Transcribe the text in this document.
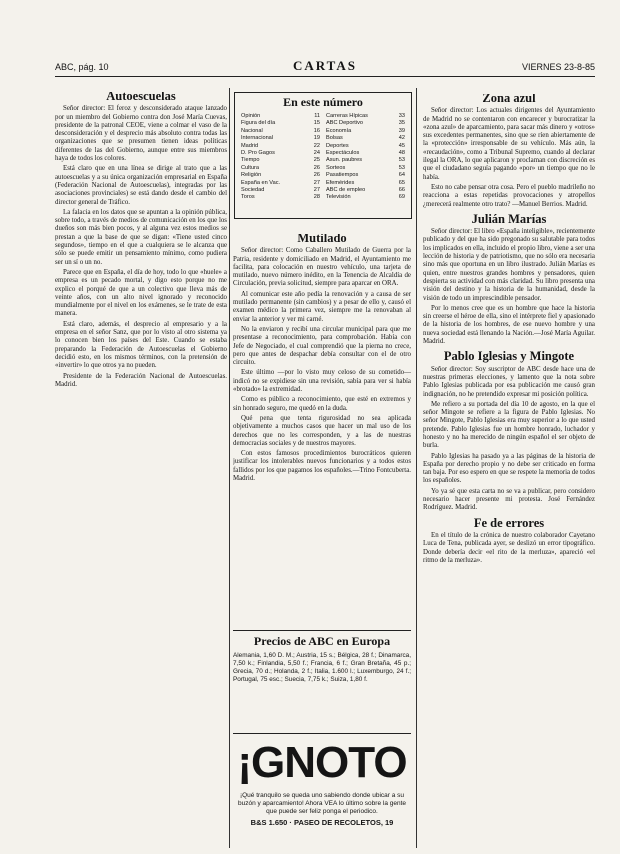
ABC, pág. 10	CARTAS	VIERNES 23-8-85
Autoescuelas

Señor director: El feroz y desconsiderado ataque lanzado por un miembro del Gobierno contra don José María Cuevas, presidente de la patronal CEOE, viene a colmar el vaso de la desconsideración y el desprecio más absoluto contra todas las organizaciones que se presumen tienen ideas políticas diferentes de las del Gobierno, aunque entre sus miembros haya de todos los colores.

Está claro que en una línea se dirige al trato que a las autoescuelas y a su única organización empresarial en España (Federación Nacional de Autoescuelas), integradas por las asociaciones provinciales) se está dando desde el cambio del director general de Tráfico.

La falacia en los datos que se apuntan a la opinión pública, sobre todo, a través de medios de comunicación en los que los dueños son más bien pocos, y al alguna vez estos medios se prestan a que la base de que se digan: «Tiene usted cinco segundos», tiempo en el que a cualquiera se le alcanza que sólo se puede emitir un pensamiento mínimo, como pudiera ser un sí o un no.

Parece que en España, el día de hoy, todo lo que «huele» a empresa es un pecado mortal, y digo esto porque no me explico el porqué de que a un colectivo que lleva más de veinte años, con un alto nivel ignorado y reconocido mundialmente por el nivel en los exámenes, se le trate de esta manera.

Está claro, además, el desprecio al empresario y a la empresa en el señor Sanz, que por lo visto al otro sistema ya lo conocen bien los países del Este. Cuando se estaba preparando la Federación de Autoescuelas el Gobierno decidió esto, en los mismos términos, con la pretensión de «invertir» lo que otros ya no pueden.

Presidente de la Federación Nacional de Autoescuelas. Madrid.

En este número
Opinión	11
Figura del día	15
Nacional	16
Internacional	19
Madrid	22
D. Pro Gagos	24
Tiempo	25
Cultura	26
Religión	26
España en Vac.	27
Sociedad	27
Toros	28
Carreras Hípicas	33
ABC Deportivo	35
Economía	39
Bolsas	42
Deportes	45
Espectáculos	48
Asun. paubres	53
Sorteos	53
Pasatiempos	64
Efemérides	65
ABC de empleo	66
Televisión	69
Mutilado

Señor director: Como Caballero Mutilado de Guerra por la Patria, residente y domiciliado en Madrid, el Ayuntamiento me facilita, para colocación en nuestro vehículo, una tarjeta de mutilado, nuevo número inédito, en la Tenencia de Alcaldía de Circulación, previa solicitud, siempre para aparcar en ORA.

Al comunicar este año pedía la renovación y a causa de ser mutilado permanente (sin cambios) y a pesar de ello y, causó el examen médico la primera vez, siempre me la renovaban al enviar la anterior y ver mi carné.

No la enviaron y recibí una circular municipal para que me presentase a reconocimiento, para comprobación. Había con Jefe de Negociado, el cual comprendió que la pierna no crece, pero que antes de despachar debía consultar con el de otro circuito.

Este último —por lo visto muy celoso de su cometido— indicó no se expidiese sin una revisión, sabía para ver si había «brotado» la extremidad.

Como es público a reconocimiento, que esté en extremos y sin honrado seguro, me quedó en la duda.

Qué pena que tenta rigurosidad no sea aplicada objetivamente a muchos casos que hacer un mal uso de los derechos que no les corresponden, y a las de nuestras democracias sociales y de nuestros mayores.

Con estos famosos procedimientos burocráticos quieren justificar los intolerables nuevos funcionarios y a todos estos fallidos por los que pagamos los españoles.—Trino Fontcuberta. Madrid.

Precios de ABC en Europa
Alemania, 1,60 D. M.; Austria, 15 s.; Bélgica, 28 f.; Dinamarca, 7,50 k.; Finlandia, 5,50 f.; Francia, 6 f.; Gran Bretaña, 45 p.; Grecia, 70 d.; Holanda, 2 f.; Italia, 1.600 l.; Luxemburgo, 24 f.; Portugal, 75 esc.; Suecia, 7,75 k.; Suiza, 1,80 f.
¡GNOTO
¡Qué tranquilo se queda uno sabiendo donde ubicar a su buzón y aparcamiento! Ahora VEA lo último sobre la gente que puede ser feliz ponga el periodico.
B&S 1.650 · PASEO DE RECOLETOS, 19
Zona azul

Señor director: Los actuales dirigentes del Ayuntamiento de Madrid no se contentaron con encarecer y burocratizar la «zona azul» de aparcamiento, para sacar más dinero y «otros» sus excedentes permanentes, sino que se ríen abiertamente de la «protección» irresponsable de su vehículo. Más aún, la «recaudación», como a Tribunal Supremo, cuando al declarar ilegal la ORA, lo que aplicaron y proclaman con discreción es que el ciudadano seguía pagando «por» un tiempo que no le había.

Esto no cabe pensar otra cosa. Pero el pueblo madrileño no reacciona a estas repetidas provocaciones y atropellos ¿merecerá realmente otro trato? —Manuel Berrios. Madrid.

Julián Marías

Señor director: El libro «España inteligible», recientemente publicado y del que ha sido pregonado su salutable para todos los implicados en ella, incluido el propio libro, viene a ser una lección de historia y de patriotismo, que no sólo era necesaria sino más que oportuna en un libro ilustrado. Julián Marías es quien, entre nuestros grandes hombres y pensadores, quien despierta su actividad con más claridad. Su libro presenta una visión del destino y la historia de la humanidad, desde la visión de todo un imprescindible pensador.

Por lo menos cree que es un hombre que hace la historia sin creerse el héroe de ella, sino el intérprete fiel y apasionado de la historia de los hombres, de ese nuevo hombre y una nueva sociedad está llenando la Nación.—José María Aguilar. Madrid.

Pablo Iglesias y Mingote

Señor director: Soy suscriptor de ABC desde hace una de nuestras primeras elecciones, y lamento que la nota sobre Pablo Iglesias publicada por esa publicación me causó gran indignación, no he pretendido expresar mi posición política.

Me refiero a su portada del día 10 de agosto, en la que el señor Mingote se refiere a la figura de Pablo Iglesias. No señor Mingote, Pablo Iglesias era muy superior a lo que usted pretende. Pablo Iglesias fue un hombre honrado, luchador y honesto y no ha merecido de ningún español el ser objeto de burla.

Pablo Iglesias ha pasado ya a las páginas de la historia de España por derecho propio y no debe ser criticado en forma tan baja. Por eso espero en que se respete la memoria de todos los españoles.

Yo ya sé que esta carta no se va a publicar, pero considero necesario hacer presente mi protesta. José Fernández Rodríguez. Madrid.

Fe de errores

En el título de la crónica de nuestro colaborador Cayetano Luca de Tena, publicada ayer, se deslizó un error tipográfico. Donde debería decir «el rito de la merluza», apareció «el ritmo de la merluza».
